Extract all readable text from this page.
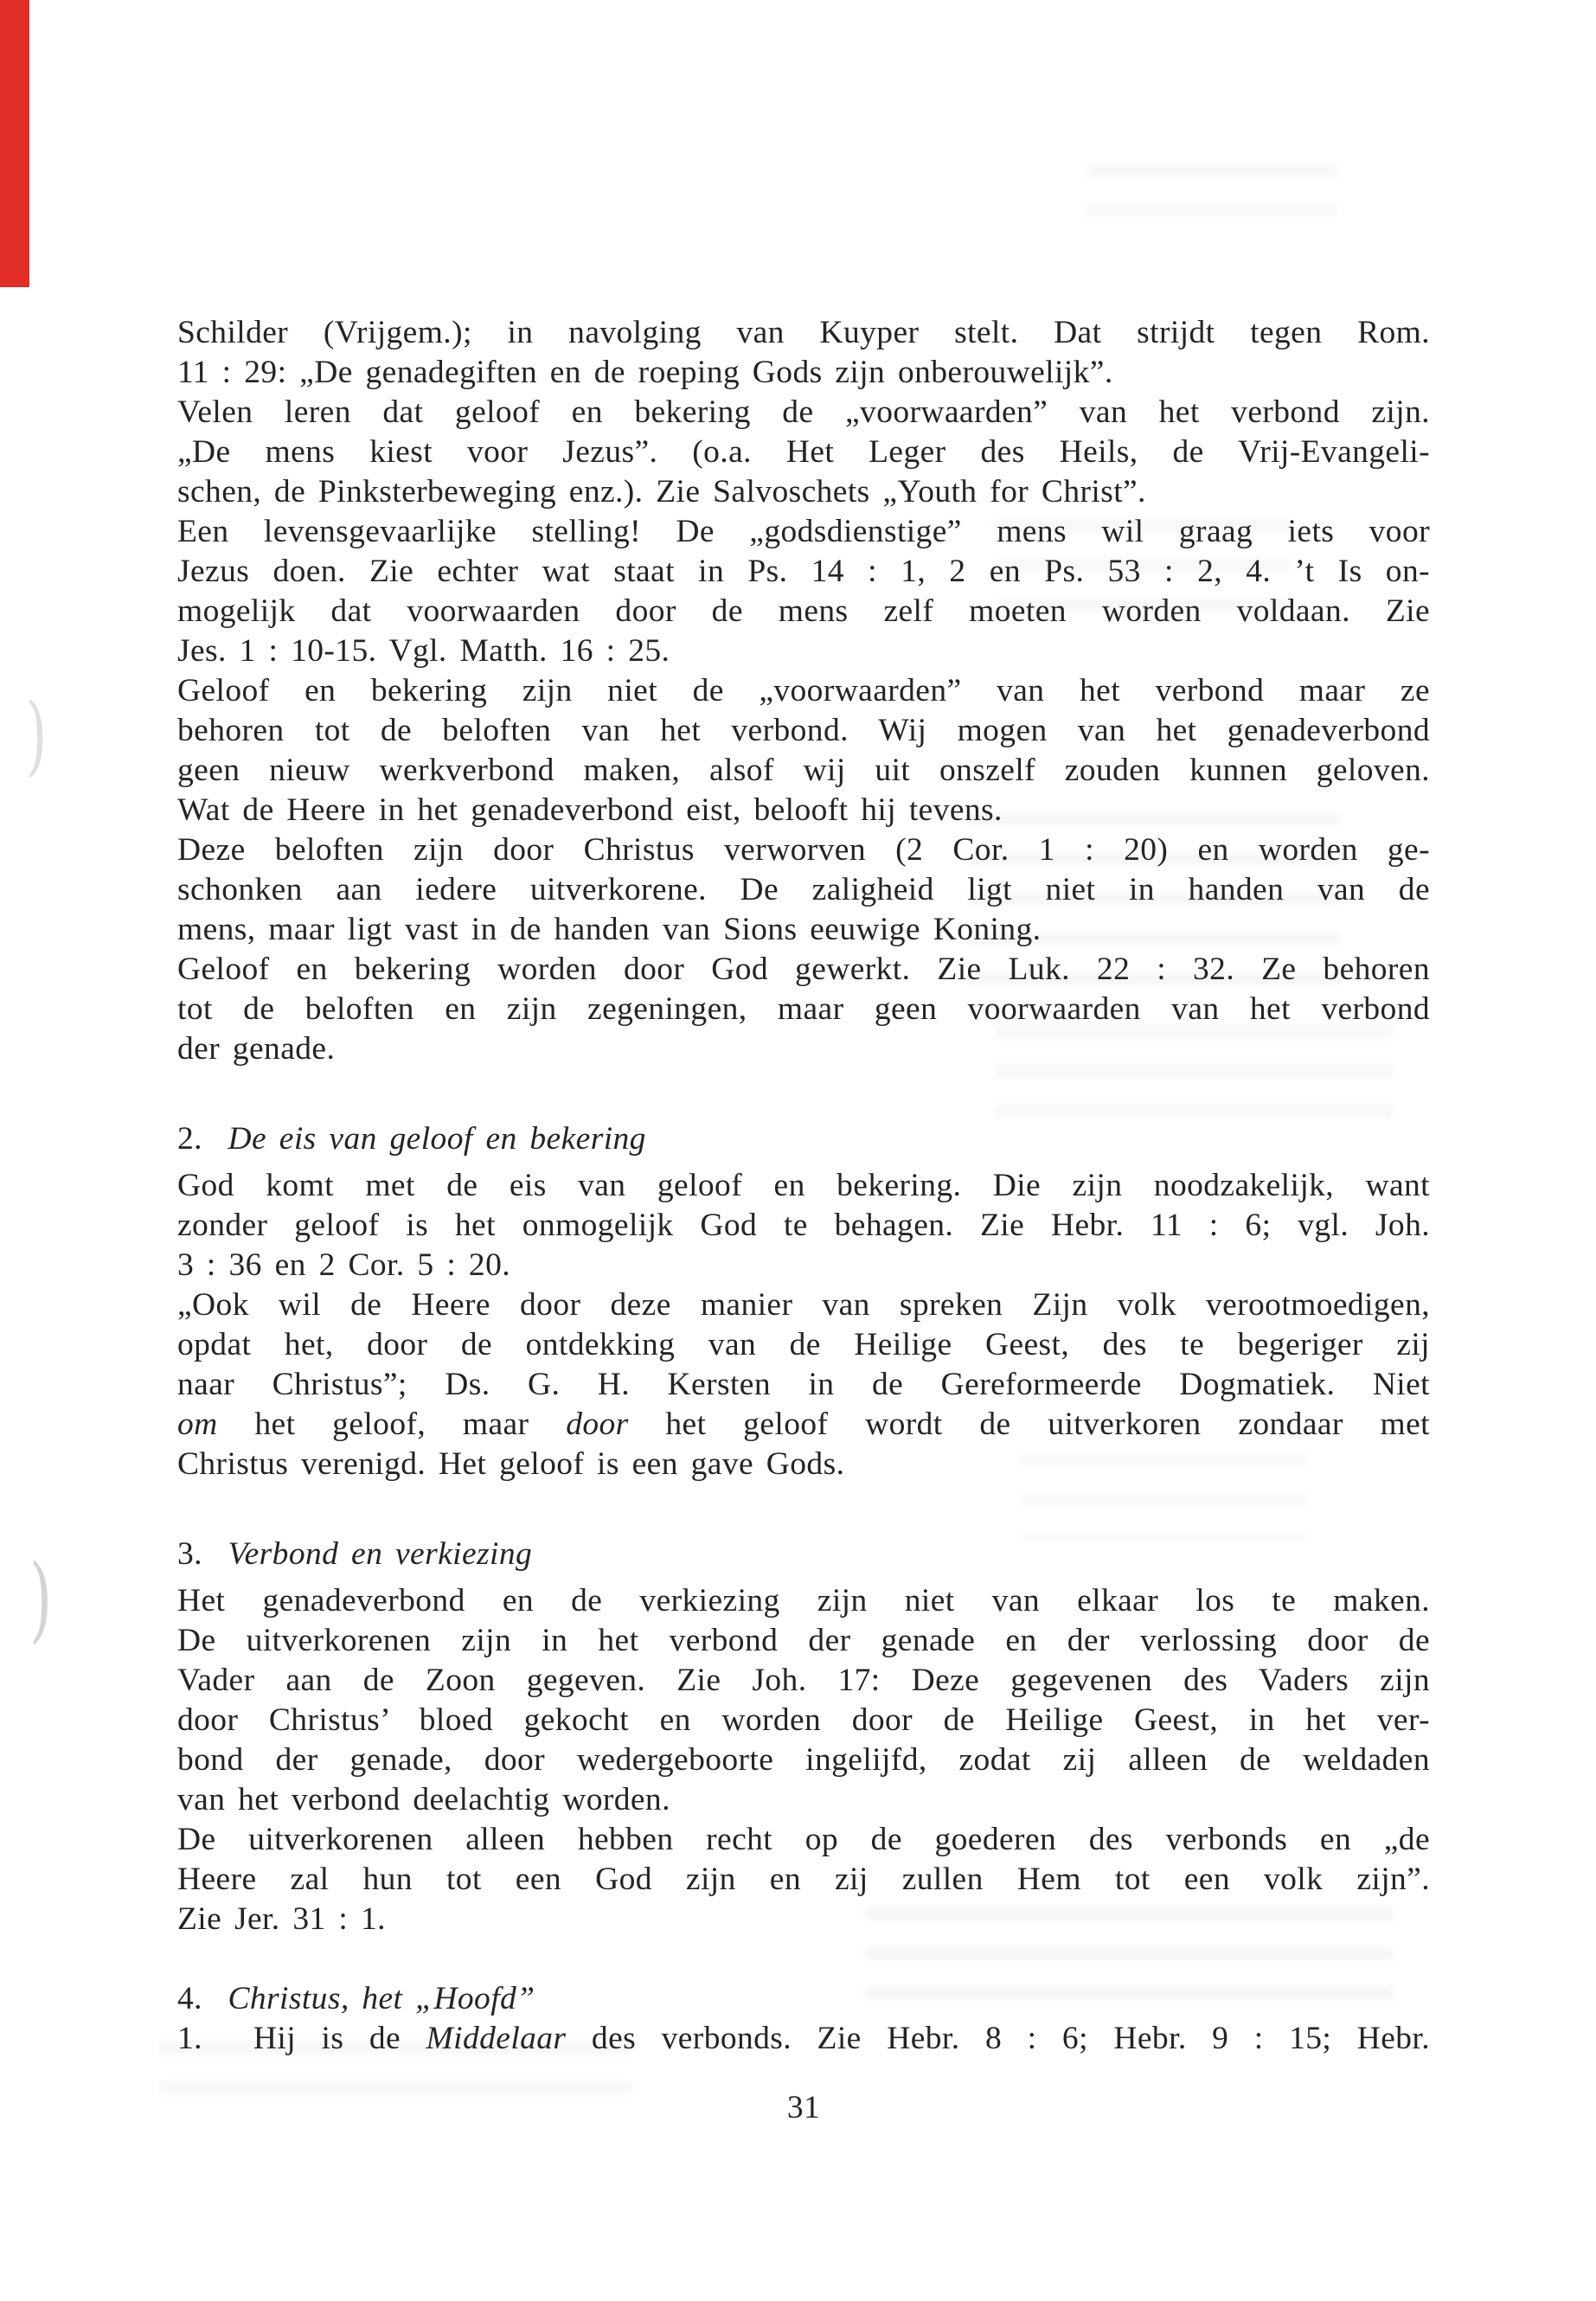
)
)
Schilder (Vrijgem.); in navolging van Kuyper stelt. Dat strijdt tegen Rom.
11 : 29: „De genadegiften en de roeping Gods zijn onberouwelijk”.
Velen leren dat geloof en bekering de „voorwaarden” van het verbond zijn.
„De mens kiest voor Jezus”. (o.a. Het Leger des Heils, de Vrij-Evangeli-
schen, de Pinksterbeweging enz.). Zie Salvoschets „Youth for Christ”.
Een levensgevaarlijke stelling! De „godsdienstige” mens wil graag iets voor
Jezus doen. Zie echter wat staat in Ps. 14 : 1, 2 en Ps. 53 : 2, 4. ’t Is on-
mogelijk dat voorwaarden door de mens zelf moeten worden voldaan. Zie
Jes. 1 : 10-15. Vgl. Matth. 16 : 25.
Geloof en bekering zijn niet de „voorwaarden” van het verbond maar ze
behoren tot de beloften van het verbond. Wij mogen van het genadeverbond
geen nieuw werkverbond maken, alsof wij uit onszelf zouden kunnen geloven.
Wat de Heere in het genadeverbond eist, belooft hij tevens.
Deze beloften zijn door Christus verworven (2 Cor. 1 : 20) en worden ge-
schonken aan iedere uitverkorene. De zaligheid ligt niet in handen van de
mens, maar ligt vast in de handen van Sions eeuwige Koning.
Geloof en bekering worden door God gewerkt. Zie Luk. 22 : 32. Ze behoren
tot de beloften en zijn zegeningen, maar geen voorwaarden van het verbond
der genade.
2.  De eis van geloof en bekering
God komt met de eis van geloof en bekering. Die zijn noodzakelijk, want
zonder geloof is het onmogelijk God te behagen. Zie Hebr. 11 : 6; vgl. Joh.
3 : 36 en 2 Cor. 5 : 20.
„Ook wil de Heere door deze manier van spreken Zijn volk verootmoedigen,
opdat het, door de ontdekking van de Heilige Geest, des te begeriger zij
naar Christus”; Ds. G. H. Kersten in de Gereformeerde Dogmatiek. Niet
om het geloof, maar door het geloof wordt de uitverkoren zondaar met
Christus verenigd. Het geloof is een gave Gods.
3.  Verbond en verkiezing
Het genadeverbond en de verkiezing zijn niet van elkaar los te maken.
De uitverkorenen zijn in het verbond der genade en der verlossing door de
Vader aan de Zoon gegeven. Zie Joh. 17: Deze gegevenen des Vaders zijn
door Christus’ bloed gekocht en worden door de Heilige Geest, in het ver-
bond der genade, door wedergeboorte ingelijfd, zodat zij alleen de weldaden
van het verbond deelachtig worden.
De uitverkorenen alleen hebben recht op de goederen des verbonds en „de
Heere zal hun tot een God zijn en zij zullen Hem tot een volk zijn”.
Zie Jer. 31 : 1.
4.  Christus, het „Hoofd”
1.  Hij is de Middelaar des verbonds. Zie Hebr. 8 : 6; Hebr. 9 : 15; Hebr.
31
